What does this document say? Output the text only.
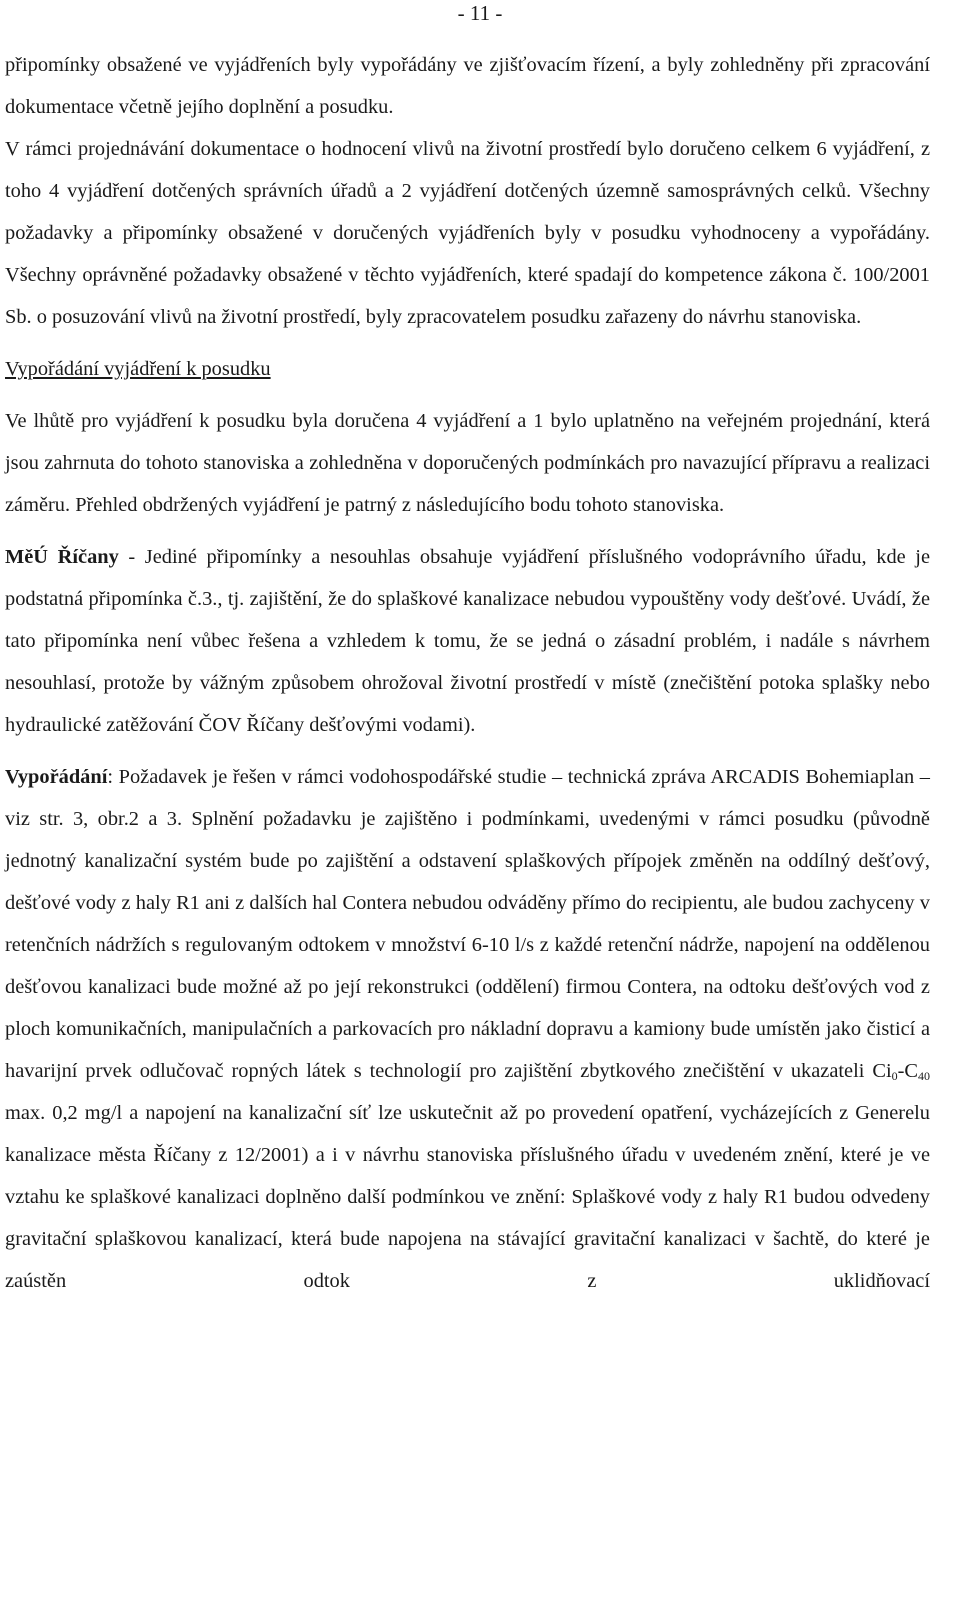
- 11 -

připomínky obsažené ve vyjádřeních byly vypořádány ve zjišťovacím řízení, a byly zohledněny při zpracování dokumentace včetně jejího doplnění a posudku.

V rámci projednávání dokumentace o hodnocení vlivů na životní prostředí bylo doručeno celkem 6 vyjádření, z toho 4 vyjádření dotčených správních úřadů a 2 vyjádření dotčených územně samosprávných celků. Všechny požadavky a připomínky obsažené v doručených vyjádřeních byly v posudku vyhodnoceny a vypořádány. Všechny oprávněné požadavky obsažené v těchto vyjádřeních, které spadají do kompetence zákona č. 100/2001 Sb. o posuzování vlivů na životní prostředí, byly zpracovatelem posudku zařazeny do návrhu stanoviska.

Vypořádání vyjádření k posudku

Ve lhůtě pro vyjádření k posudku byla doručena 4 vyjádření a 1 bylo uplatněno na veřejném projednání, která jsou zahrnuta do tohoto stanoviska a zohledněna v doporučených podmínkách pro navazující přípravu a realizaci záměru. Přehled obdržených vyjádření je patrný z následujícího bodu tohoto stanoviska.

MěÚ Říčany - Jediné připomínky a nesouhlas obsahuje vyjádření příslušného vodoprávního úřadu, kde je podstatná připomínka č.3., tj. zajištění, že do splaškové kanalizace nebudou vypouštěny vody dešťové. Uvádí, že tato připomínka není vůbec řešena a vzhledem k tomu, že se jedná o zásadní problém, i nadále s návrhem nesouhlasí, protože by vážným způsobem ohrožoval životní prostředí v místě (znečištění potoka splašky nebo hydraulické zatěžování ČOV Říčany dešťovými vodami).

Vypořádání: Požadavek je řešen v rámci vodohospodářské studie – technická zpráva ARCADIS Bohemiaplan – viz str. 3, obr.2 a 3. Splnění požadavku je zajištěno i podmínkami, uvedenými v rámci posudku (původně jednotný kanalizační systém bude po zajištění a odstavení splaškových přípojek změněn na oddílný dešťový, dešťové vody z haly R1 ani z dalších hal Contera nebudou odváděny přímo do recipientu, ale budou zachyceny v retenčních nádržích s regulovaným odtokem v množství 6-10 l/s z každé retenční nádrže, napojení na oddělenou dešťovou kanalizaci bude možné až po její rekonstrukci (oddělení) firmou Contera, na odtoku dešťových vod z ploch komunikačních, manipulačních a parkovacích pro nákladní dopravu a kamiony bude umístěn jako čisticí a havarijní prvek odlučovač ropných látek s technologií pro zajištění zbytkového znečištění v ukazateli $Ci_0-C_{40}$ max. 0,2 mg/l a napojení na kanalizační síť lze uskutečnit až po provedení opatření, vycházejících z Generelu kanalizace města Říčany z 12/2001) a i v návrhu stanoviska příslušného úřadu v uvedeném znění, které je ve vztahu ke splaškové kanalizaci doplněno další podmínkou ve znění: Splaškové vody z haly R1 budou odvedeny gravitační splaškovou kanalizací, která bude napojena na stávající gravitační kanalizaci v šachtě, do které je zaústěn odtok z uklidňovací
